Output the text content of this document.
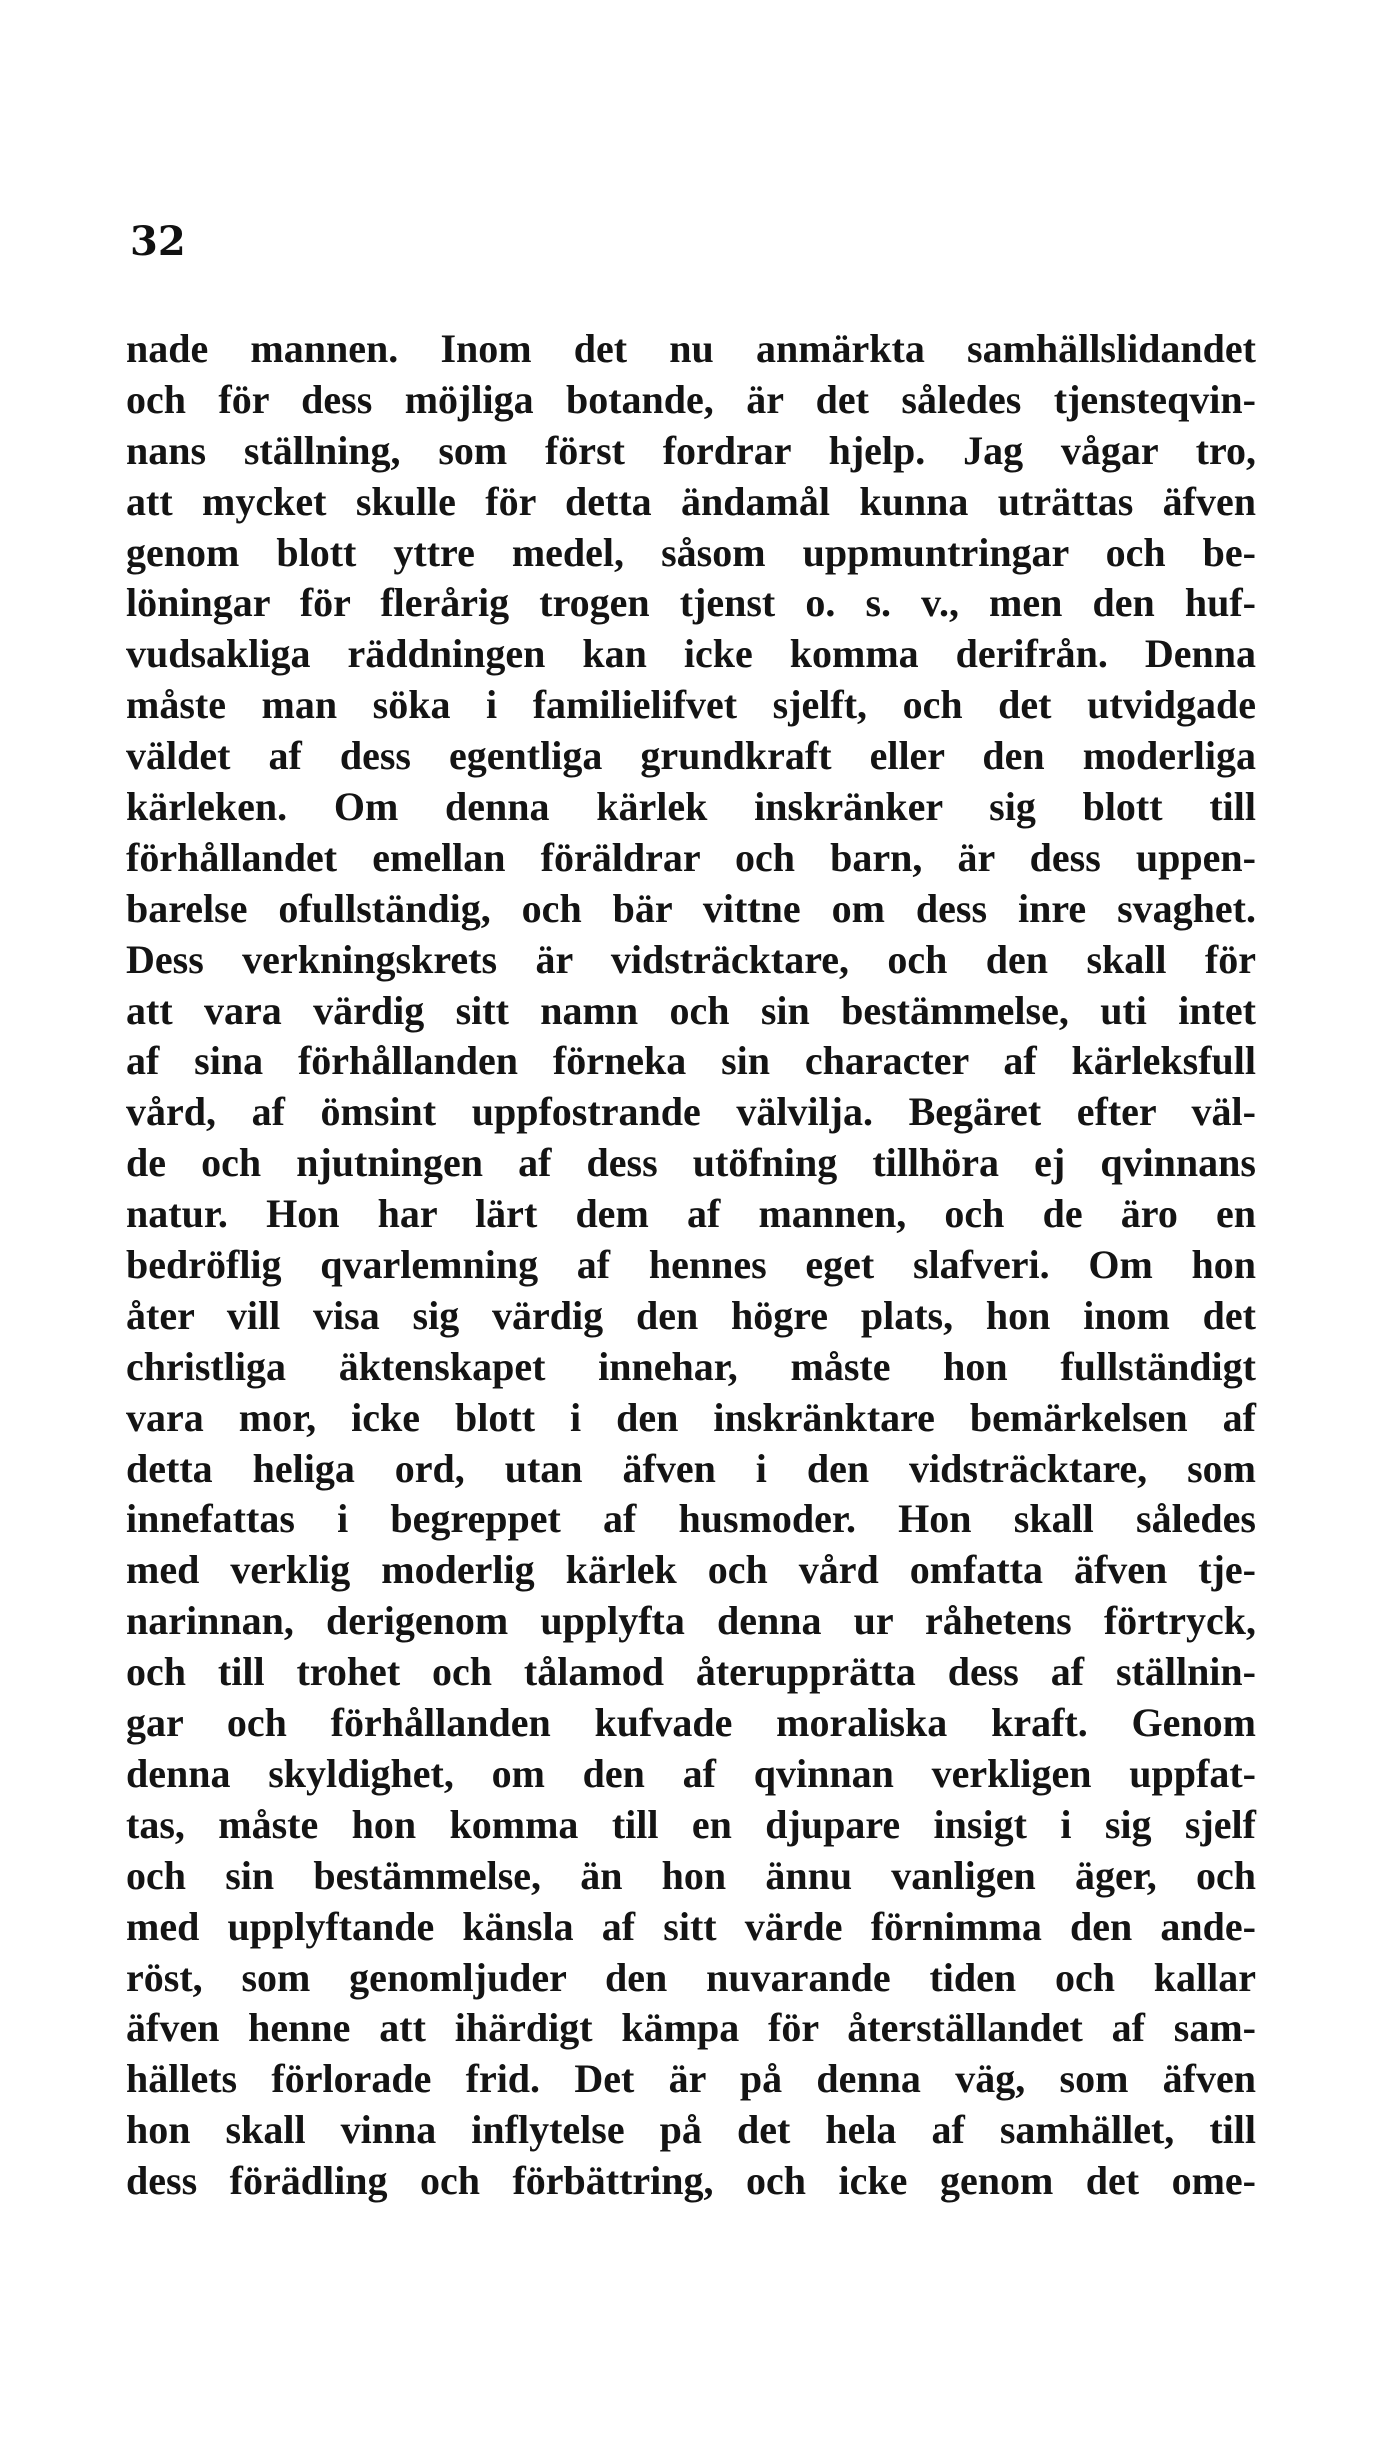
32
nade mannen. Inom det nu anmärkta samhällslidandet
och för dess möjliga botande, är det således tjensteqvin-
nans ställning, som först fordrar hjelp. Jag vågar tro,
att mycket skulle för detta ändamål kunna uträttas äfven
genom blott yttre medel, såsom uppmuntringar och be-
löningar för flerårig trogen tjenst o. s. v., men den huf-
vudsakliga räddningen kan icke komma derifrån. Denna
måste man söka i familielifvet sjelft, och det utvidgade
väldet af dess egentliga grundkraft eller den moderliga
kärleken. Om denna kärlek inskränker sig blott till
förhållandet emellan föräldrar och barn, är dess uppen-
barelse ofullständig, och bär vittne om dess inre svaghet.
Dess verkningskrets är vidsträcktare, och den skall för
att vara värdig sitt namn och sin bestämmelse, uti intet
af sina förhållanden förneka sin character af kärleksfull
vård, af ömsint uppfostrande välvilja. Begäret efter väl-
de och njutningen af dess utöfning tillhöra ej qvinnans
natur. Hon har lärt dem af mannen, och de äro en
bedröflig qvarlemning af hennes eget slafveri. Om hon
åter vill visa sig värdig den högre plats, hon inom det
christliga äktenskapet innehar, måste hon fullständigt
vara mor, icke blott i den inskränktare bemärkelsen af
detta heliga ord, utan äfven i den vidsträcktare, som
innefattas i begreppet af husmoder. Hon skall således
med verklig moderlig kärlek och vård omfatta äfven tje-
narinnan, derigenom upplyfta denna ur råhetens förtryck,
och till trohet och tålamod återupprätta dess af ställnin-
gar och förhållanden kufvade moraliska kraft. Genom
denna skyldighet, om den af qvinnan verkligen uppfat-
tas, måste hon komma till en djupare insigt i sig sjelf
och sin bestämmelse, än hon ännu vanligen äger, och
med upplyftande känsla af sitt värde förnimma den ande-
röst, som genomljuder den nuvarande tiden och kallar
äfven henne att ihärdigt kämpa för återställandet af sam-
hällets förlorade frid. Det är på denna väg, som äfven
hon skall vinna inflytelse på det hela af samhället, till
dess förädling och förbättring, och icke genom det ome-
